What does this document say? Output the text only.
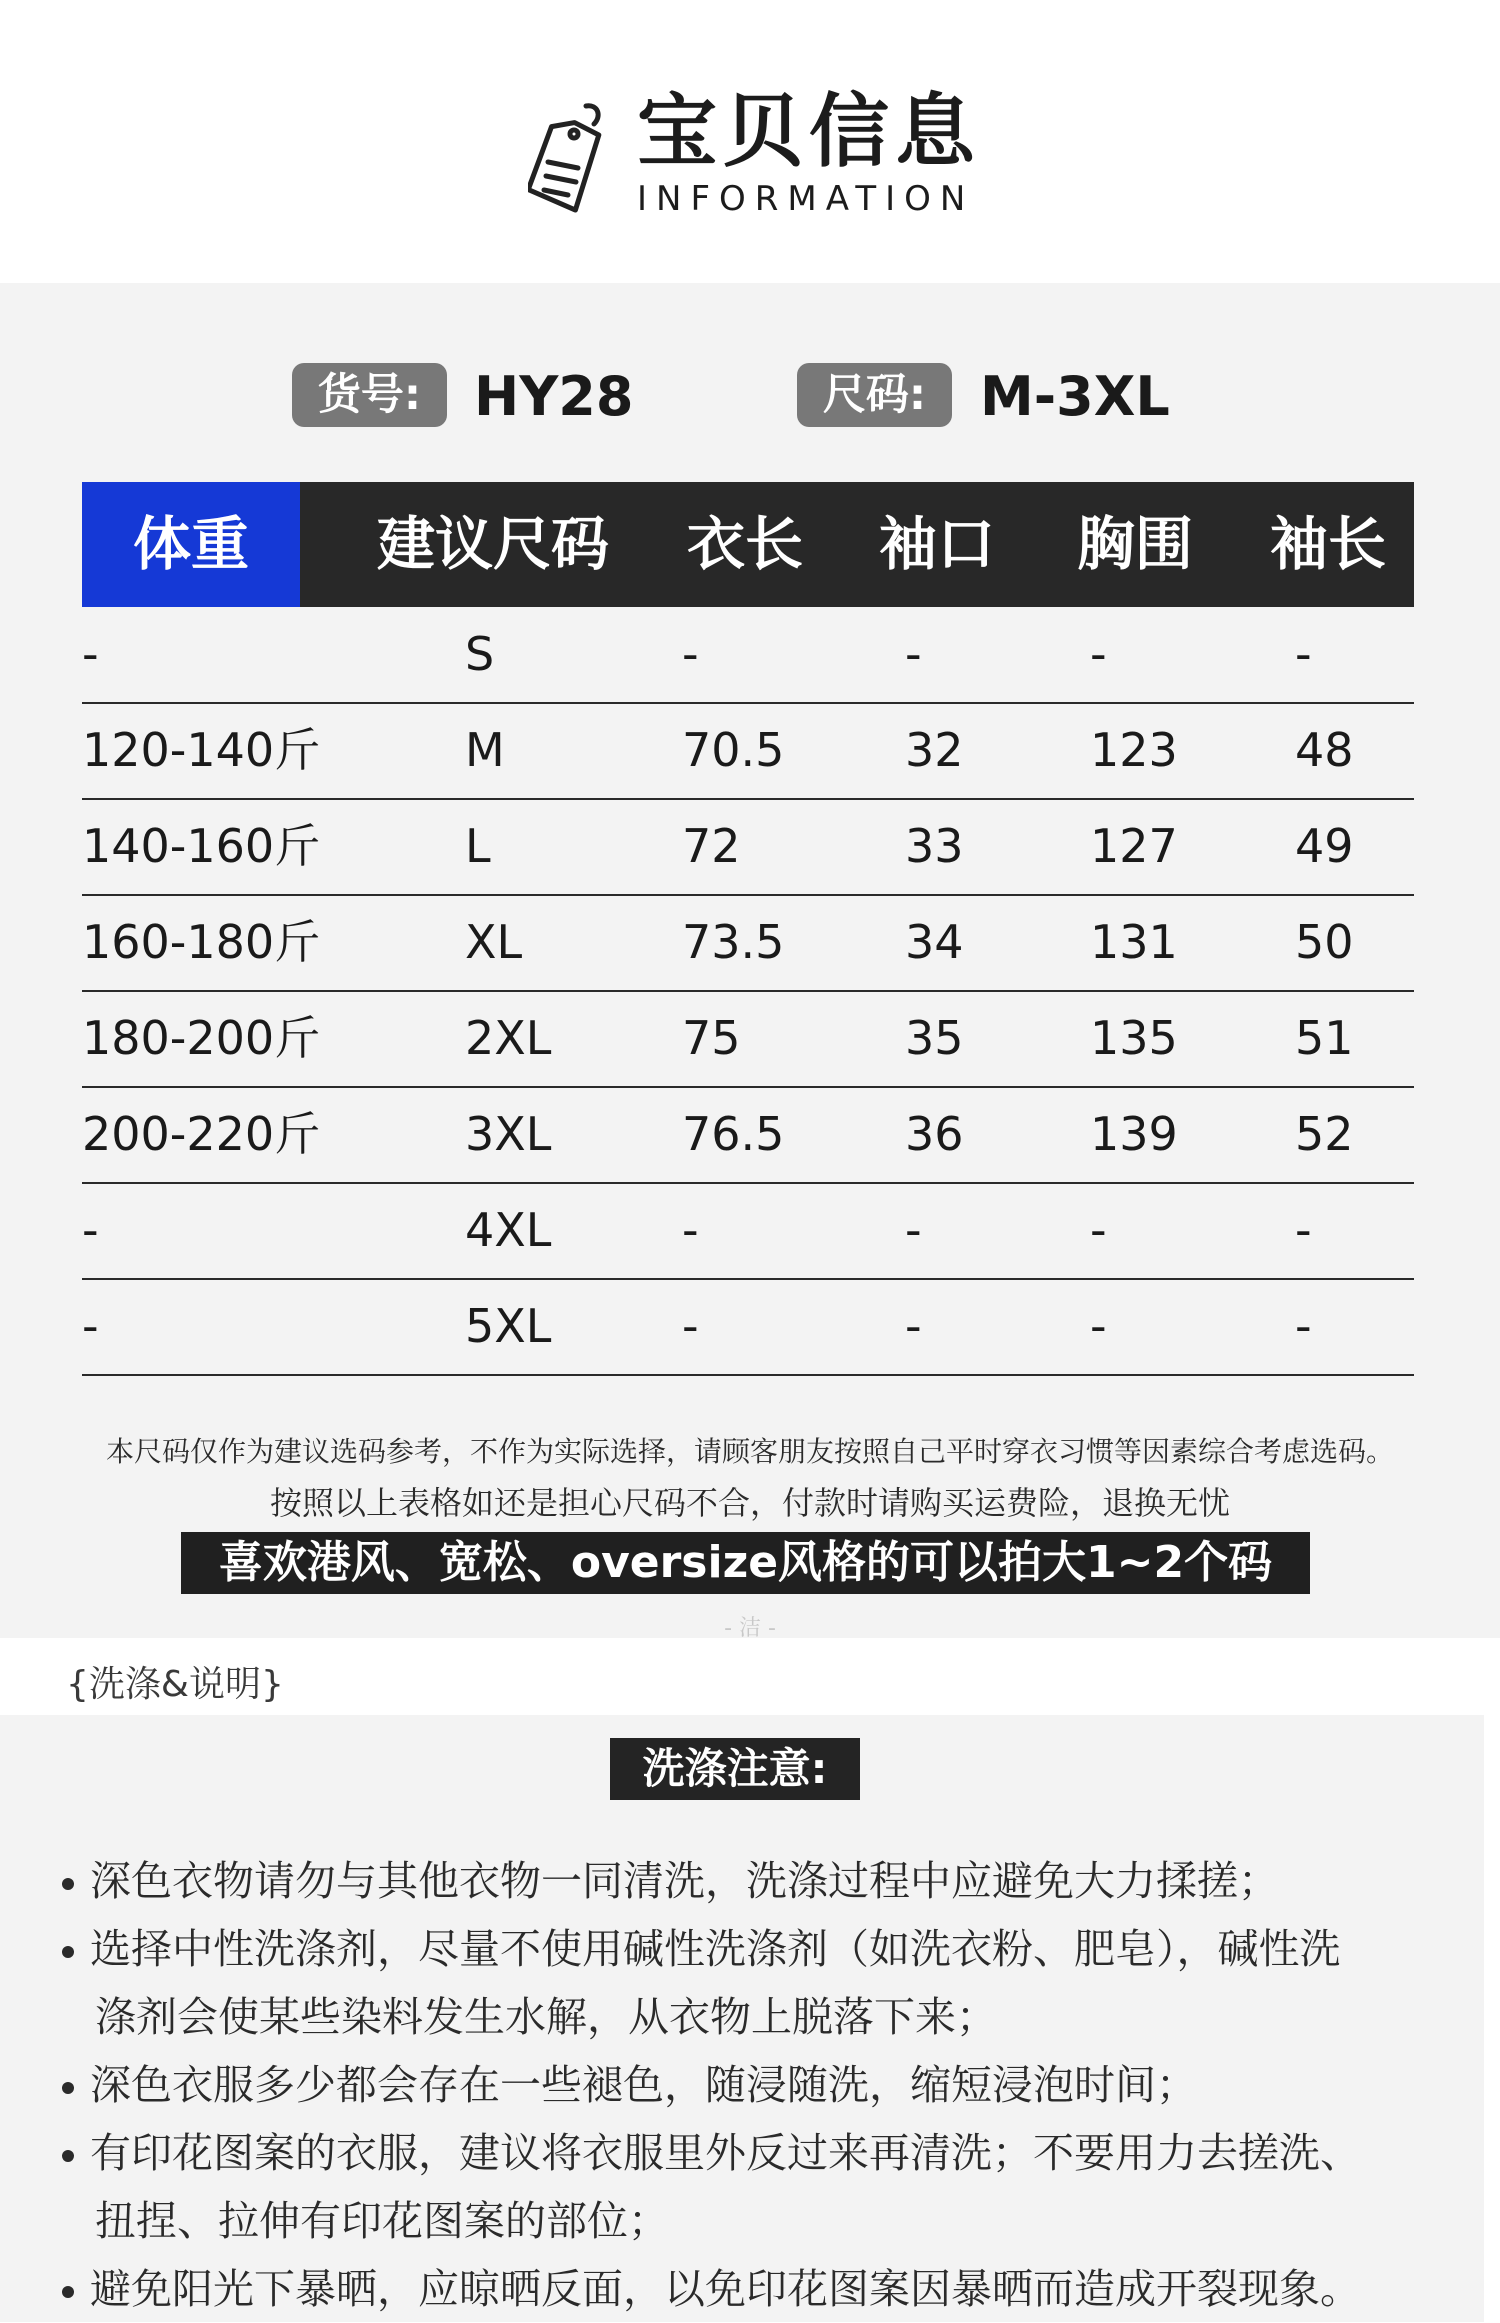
宝贝信息
INFORMATION
货号: HY28	尺码: M-3XL
体重	建议尺码 衣长 袖口 胸围 袖长
-	S	-	-	-	-
120-140斤	M	70.5	32	123	48
140-160斤	L	72	33	127	49
160-180斤	XL	73.5	34	131	50
180-200斤	2XL	75	35	135	51
200-220斤	3XL	76.5	36	139	52
-	4XL	-	-	-	-
-	5XL	-	-	-	-
本尺码仅作为建议选码参考，不作为实际选择，请顾客朋友按照自己平时穿衣习惯等因素综合考虑选码。
按照以上表格如还是担心尺码不合，付款时请购买运费险，退换无忧
喜欢港风、宽松、oversize风格的可以拍大1~2个码
- 洁 -
{洗涤&说明}
洗涤注意:
深色衣物请勿与其他衣物一同清洗，洗涤过程中应避免大力揉搓；
选择中性洗涤剂，尽量不使用碱性洗涤剂（如洗衣粉、肥皂），碱性洗
涤剂会使某些染料发生水解，从衣物上脱落下来；
深色衣服多少都会存在一些褪色，随浸随洗，缩短浸泡时间；
有印花图案的衣服，建议将衣服里外反过来再清洗；不要用力去搓洗、
扭捏、拉伸有印花图案的部位；
避免阳光下暴晒，应晾晒反面，以免印花图案因暴晒而造成开裂现象。
